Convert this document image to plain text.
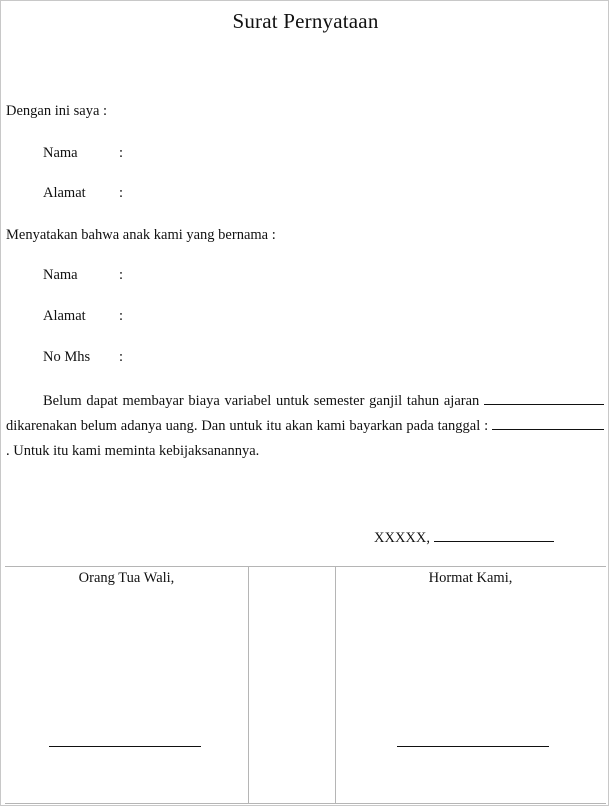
Surat Pernyataan
Dengan ini saya :
Nama	:
Alamat :
Menyatakan bahwa anak kami yang bernama :
Nama	:
Alamat :
No Mhs :
Belum dapat membayar biaya variabel untuk semester ganjil tahun ajaran  dikarenakan belum adanya uang. Dan untuk itu akan kami bayarkan pada tanggal : . Untuk itu kami meminta kebijaksanannya.
XXXXX,
Orang Tua Wali,	Hormat Kami,
